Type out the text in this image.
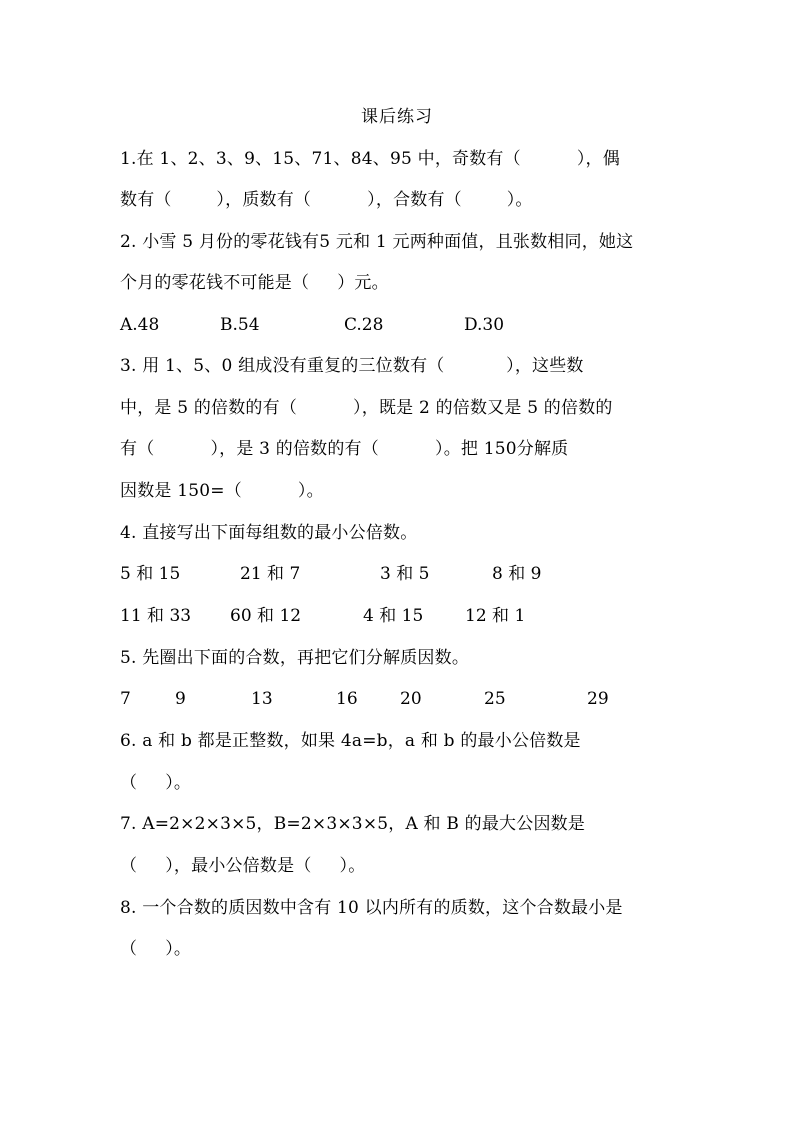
课后练习
1.在 1、2、3、9、15、71、84、95 中，奇数有（          ），偶
数有（        ），质数有（          ），合数有（        ）。
2. 小雪 5 月份的零花钱有5 元和 1 元两种面值，且张数相同，她这
个月的零花钱不可能是（     ）元。
A.48	B.54	C.28	D.30
3. 用 1、5、0 组成没有重复的三位数有（           ），这些数
中，是 5 的倍数的有（          ），既是 2 的倍数又是 5 的倍数的
有（          ），是 3 的倍数的有（          ）。把 150分解质
因数是 150=（          ）。
4. 直接写出下面每组数的最小公倍数。
5 和 15	21 和 7	3 和 5	8 和 9
11 和 33 60 和 12	4 和 15 12 和 1
5. 先圈出下面的合数，再把它们分解质因数。
7	9	13	16 20	25	29
6. a 和 b 都是正整数，如果 4a=b，a 和 b 的最小公倍数是
（     ）。
7. A=2×2×3×5，B=2×3×3×5，A 和 B 的最大公因数是
（     ），最小公倍数是（     ）。
8. 一个合数的质因数中含有 10 以内所有的质数，这个合数最小是
（     ）。
